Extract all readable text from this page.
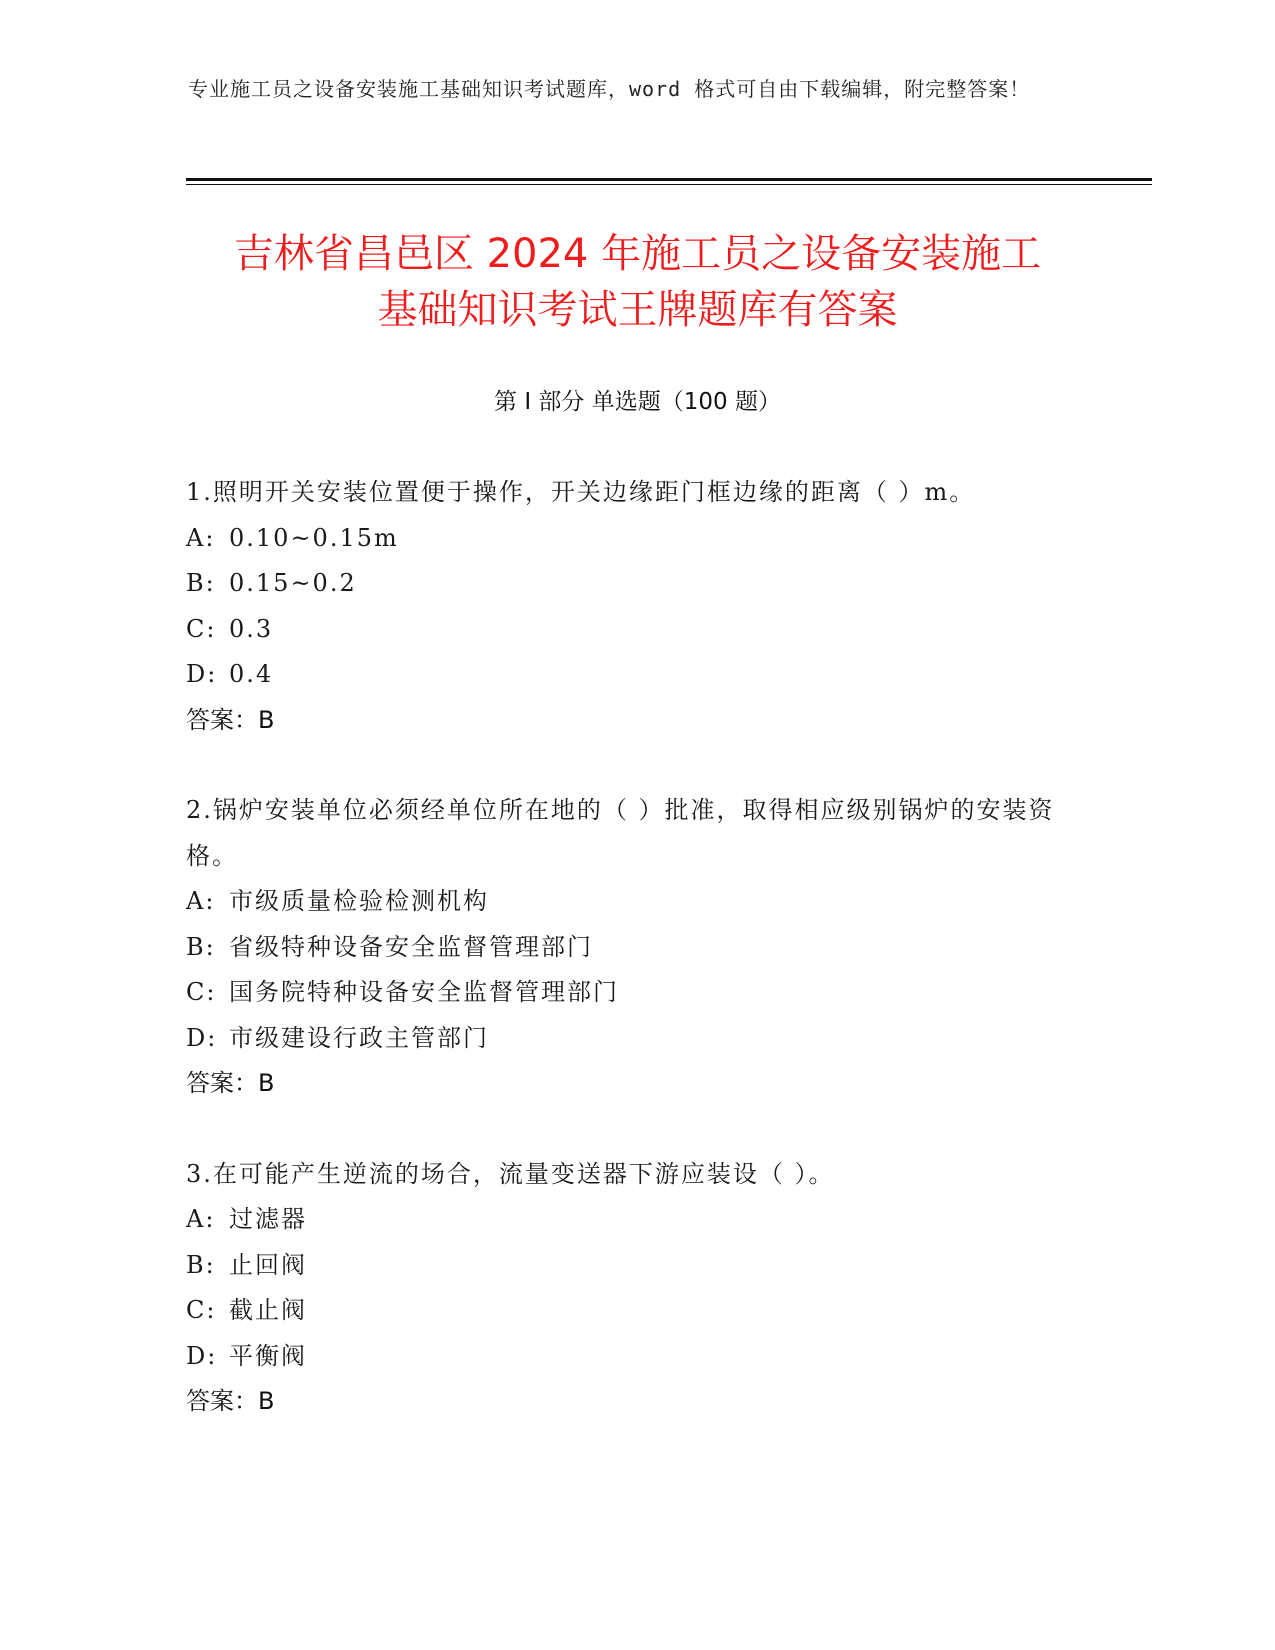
专业施工员之设备安装施工基础知识考试题库，word 格式可自由下载编辑，附完整答案！
吉林省昌邑区 2024 年施工员之设备安装施工
基础知识考试王牌题库有答案
第 I 部分 单选题（100 题）
1.照明开关安装位置便于操作，开关边缘距门框边缘的距离（ ）m。
A: 0.10~0.15m
B: 0.15~0.2
C: 0.3
D: 0.4
答案：B
2.锅炉安装单位必须经单位所在地的（ ）批准，取得相应级别锅炉的安装资格。
A: 市级质量检验检测机构
B: 省级特种设备安全监督管理部门
C: 国务院特种设备安全监督管理部门
D: 市级建设行政主管部门
答案：B
3.在可能产生逆流的场合，流量变送器下游应装设（ ）。
A: 过滤器
B: 止回阀
C: 截止阀
D: 平衡阀
答案：B
